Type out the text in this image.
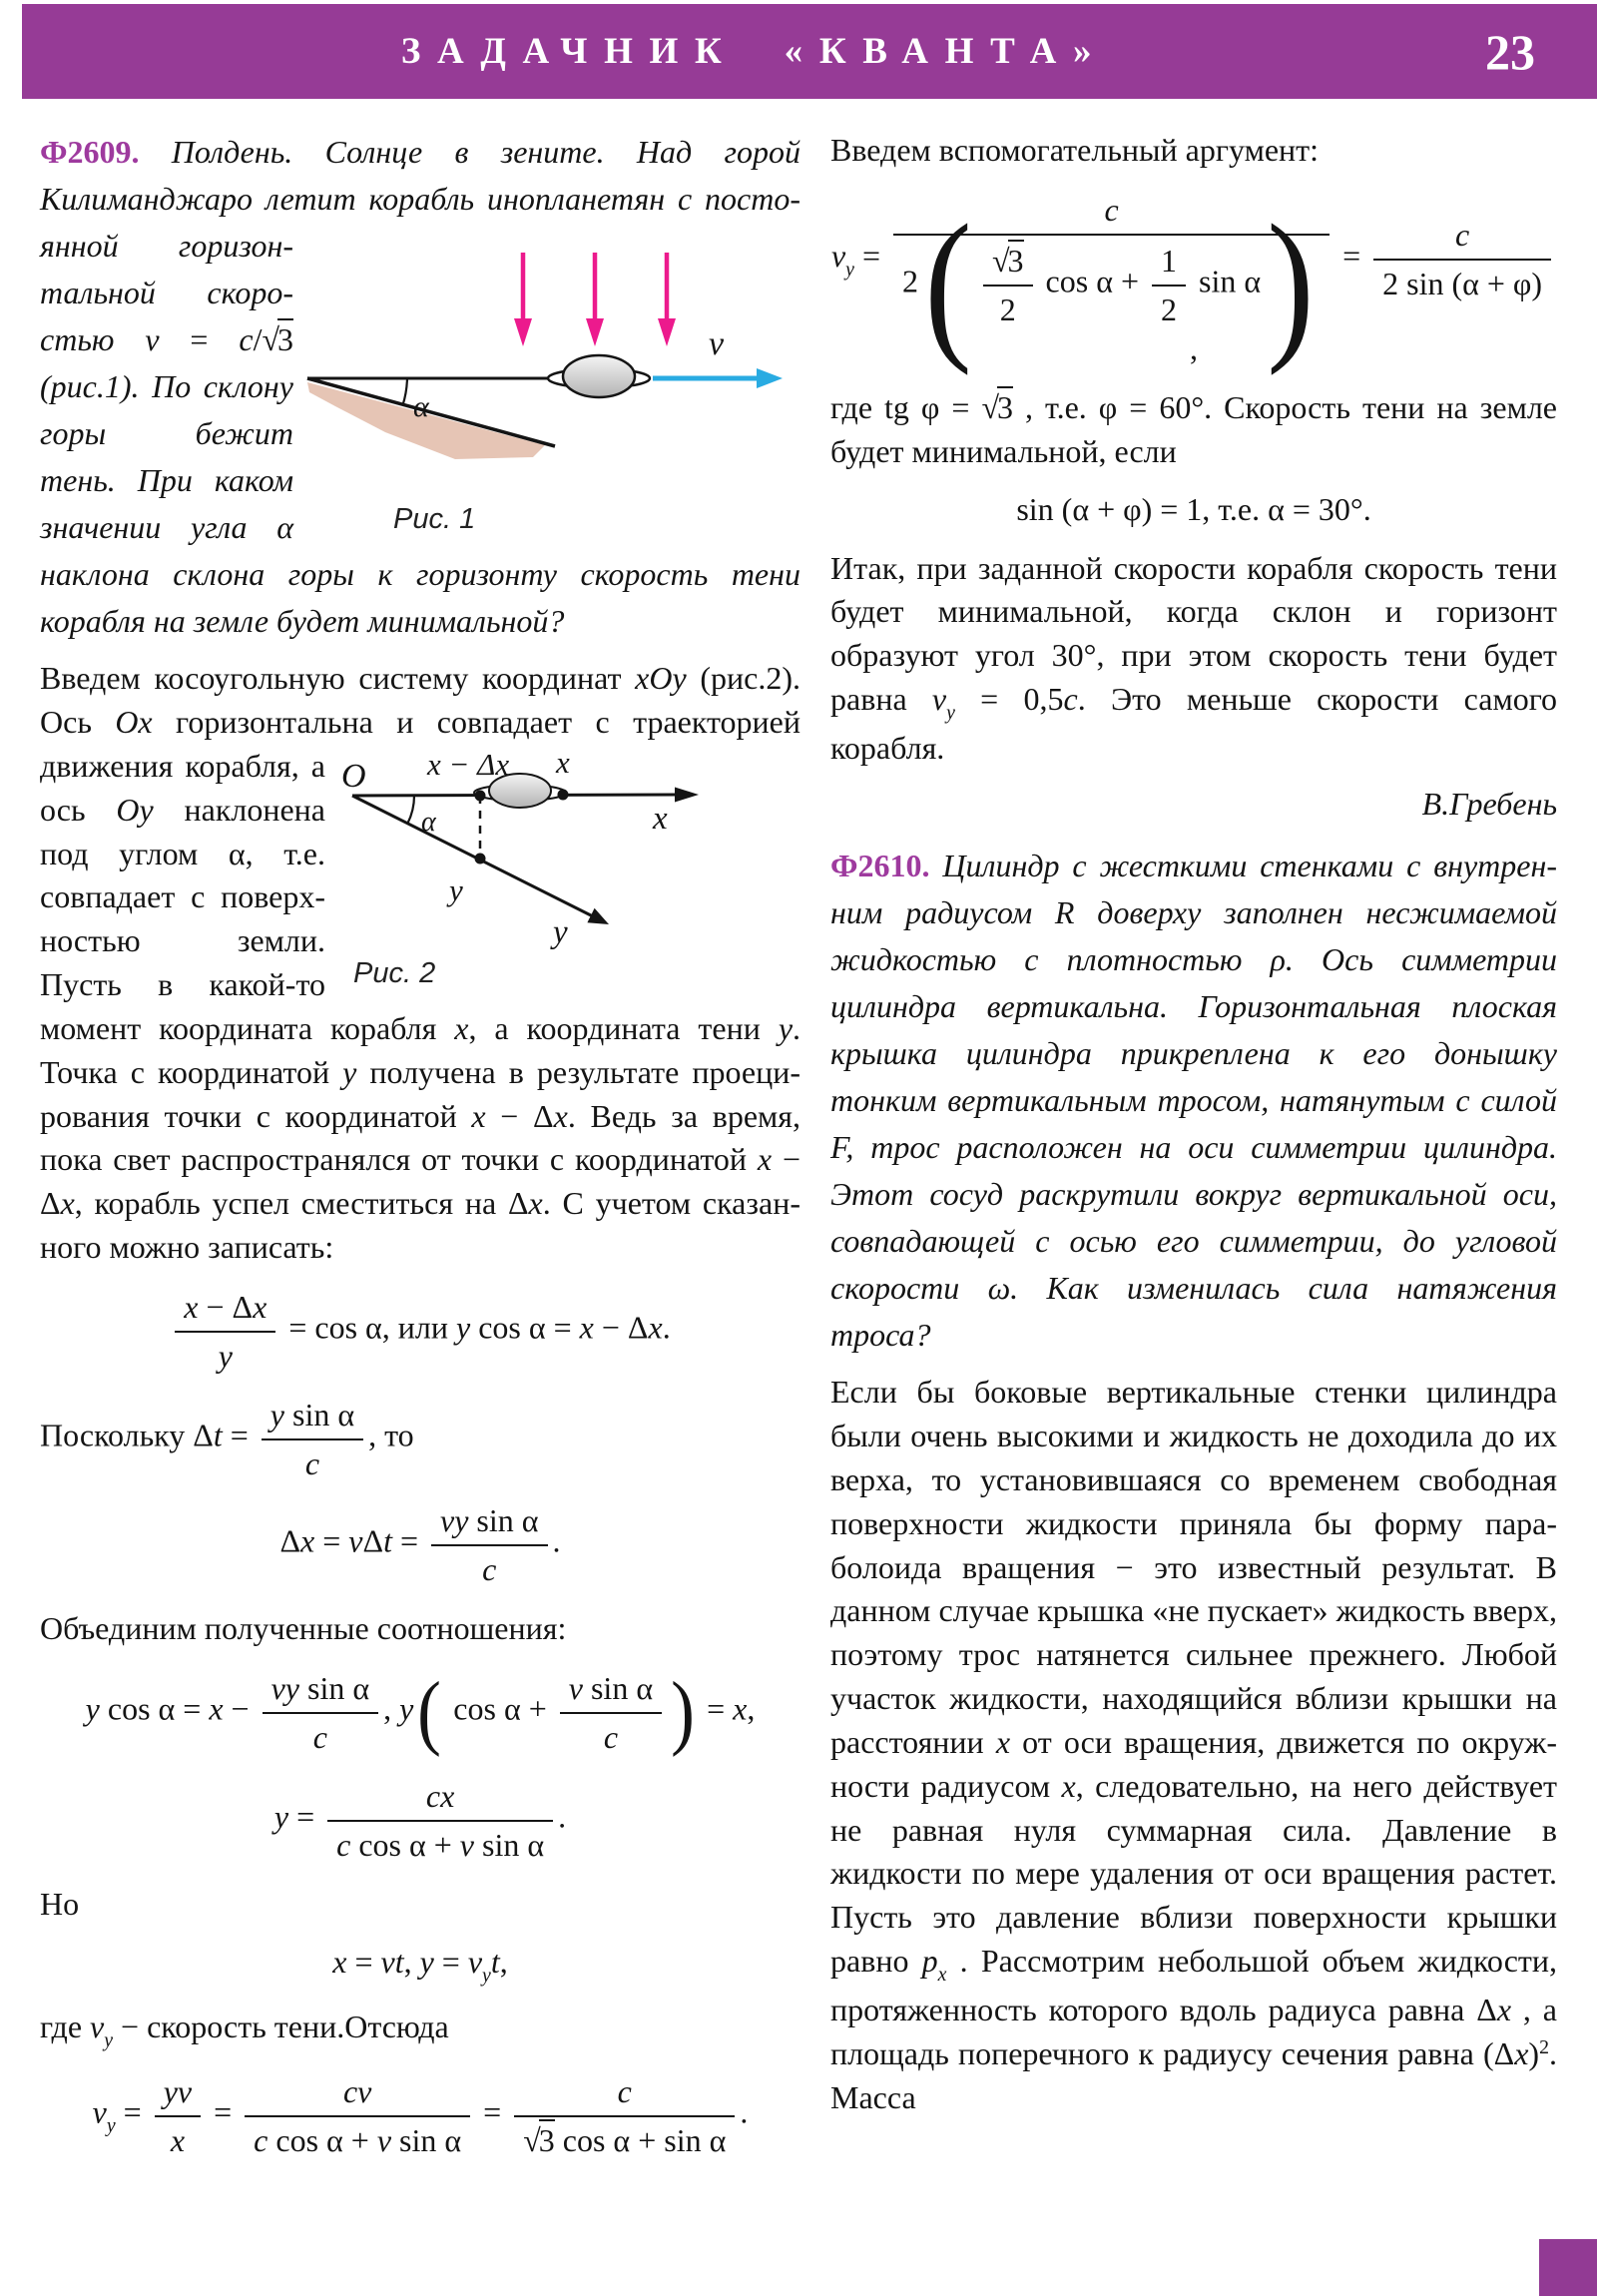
ЗАДАЧНИК «КВАНТА»	23
Ф2609. Полдень. Солнце в зените. Над горой Килиманджаро летит корабль инопланетян с постоянной
α
v
Рис. 1
горизонтальной скоростью v = c/√3 (рис.1). По склону горы бежит тень. При каком значении угла α наклона склона горы к горизонту скорость тени корабля на земле будет минимальной?
Введем косоугольную систему координат xOy (рис.2). Ось Ox горизонтальна и совпадает с траекторией
O
x
y
α
x − Δx x
y
Рис. 2
движения корабля, а ось Oy наклонена под углом α, т.е. совпадает с поверхностью земли. Пусть в какой-то момент координата корабля x, а координата тени y. Точка с координатой y получена в результате проецирования точки с координатой x − Δx. Ведь за время, пока свет распространялся от точки с координатой x − Δx, корабль успел сместиться на Δx. С учетом сказанного можно записать:
$\frac{x - \Delta x}{y} = \cos \alpha$, или y cos α = x − Δx.
Поскольку $\Delta t = \frac{\text{y sin α}}{c}$ , то
$\Delta x = v\Delta t = \frac{\text{vy sin α}}{c}$ .
Объединим полученные соотношения:
y $\cos \alpha = x - \frac{\text{vy sin α}}{c}$ , y( $\cos \alpha + \frac{\text{v sin α}}{c}$ ) = x,
$y = \frac{cx}{\text{c cos α + v sin α}}$ .
Но
x = vt, $y = v_yt$,
где $v_y$ − скорость тени.Отсюда
$v_y = \frac{yv}{x} = \frac{cv}{\text{c cos α + v sin α}} = \frac{c}{\text{√3 cos α + sin α}}$ .
Введем вспомогательный аргумент:
$v_y = \frac{c}{2( \frac{√3}{2} \cos \alpha + \frac{1}{2} \sin \alpha)} = \frac{c}{2 \sin (\alpha + \varphi)}$
,
где tg φ = √3 , т.е. φ = 60°. Скорость тени на земле будет минимальной, если
sin (α + φ) = 1, т.е. α = 30°.
Итак, при заданной скорости корабля скорость тени будет минимальной, когда склон и горизонт образуют угол 30°, при этом скорость тени будет равна $v_y = 0,5c$. Это меньше скорости самого корабля.
В.Гребень
Ф2610. Цилиндр с жесткими стенками с внутренним радиусом R доверху заполнен несжимаемой жидкостью с плотностью ρ. Ось симметрии цилиндра вертикальна. Горизонтальная плоская крышка цилиндра прикреплена к его донышку тонким вертикальным тросом, натянутым с силой F, трос расположен на оси симметрии цилиндра. Этот сосуд раскрутили вокруг вертикальной оси, совпадающей с осью его симметрии, до угловой скорости ω. Как изменилась сила натяжения троса?
Если бы боковые вертикальные стенки цилиндра были очень высокими и жидкость не доходила до их верха, то установившаяся со временем свободная поверхности жидкости приняла бы форму параболоида вращения − это известный результат. В данном случае крышка «не пускает» жидкость вверх, поэтому трос натянется сильнее прежнего. Любой участок жидкости, находящийся вблизи крышки на расстоянии x от оси вращения, движется по окружности радиусом x, следовательно, на него действует не равная нуля суммарная сила. Давление в жидкости по мере удаления от оси вращения растет. Пусть это давление вблизи поверхности крышки равно $p_x$ . Рассмотрим небольшой объем жидкости, протяженность которого вдоль радиуса равна Δx , а площадь поперечного к радиусу сечения равна $(\Delta x)^2$. Масса
